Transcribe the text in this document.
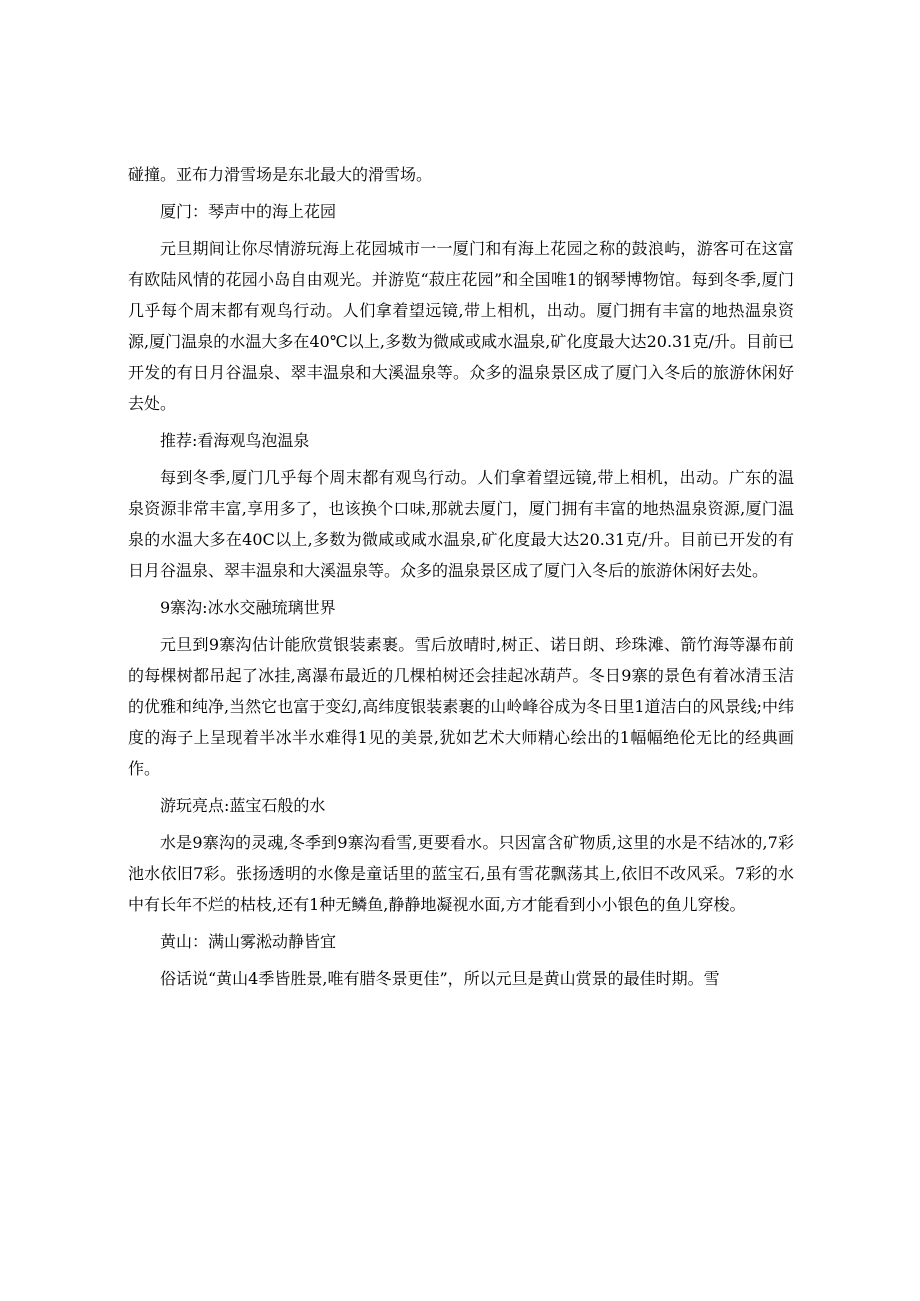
碰撞。亚布力滑雪场是东北最大的滑雪场。

厦门：琴声中的海上花园

元旦期间让你尽情游玩海上花园城市一一厦门和有海上花园之称的鼓浪屿，游客可在这富有欧陆风情的花园小岛自由观光。并游览“菽庄花园”和全国唯1的钢琴博物馆。每到冬季,厦门几乎每个周末都有观鸟行动。人们拿着望远镜,带上相机，出动。厦门拥有丰富的地热温泉资源,厦门温泉的水温大多在40℃以上,多数为微咸或咸水温泉,矿化度最大达20.31克/升。目前已开发的有日月谷温泉、翠丰温泉和大溪温泉等。众多的温泉景区成了厦门入冬后的旅游休闲好去处。

推荐:看海观鸟泡温泉

每到冬季,厦门几乎每个周末都有观鸟行动。人们拿着望远镜,带上相机，出动。广东的温泉资源非常丰富,享用多了，也该换个口味,那就去厦门，厦门拥有丰富的地热温泉资源,厦门温泉的水温大多在40C以上,多数为微咸或咸水温泉,矿化度最大达20.31克/升。目前已开发的有日月谷温泉、翠丰温泉和大溪温泉等。众多的温泉景区成了厦门入冬后的旅游休闲好去处。

9寨沟:冰水交融琉璃世界

元旦到9寨沟估计能欣赏银装素裹。雪后放晴时,树正、诺日朗、珍珠滩、箭竹海等瀑布前的每棵树都吊起了冰挂,离瀑布最近的几棵柏树还会挂起冰葫芦。冬日9寨的景色有着冰清玉洁的优雅和纯净,当然它也富于变幻,高纬度银装素裹的山岭峰谷成为冬日里1道洁白的风景线;中纬度的海子上呈现着半冰半水难得1见的美景,犹如艺术大师精心绘出的1幅幅绝伦无比的经典画作。

游玩亮点:蓝宝石般的水

水是9寨沟的灵魂,冬季到9寨沟看雪,更要看水。只因富含矿物质,这里的水是不结冰的,7彩池水依旧7彩。张扬透明的水像是童话里的蓝宝石,虽有雪花飘荡其上,依旧不改风采。7彩的水中有长年不烂的枯枝,还有1种无鳞鱼,静静地凝视水面,方才能看到小小银色的鱼儿穿梭。

黄山：满山雾淞动静皆宜

俗话说“黄山4季皆胜景,唯有腊冬景更佳”，所以元旦是黄山赏景的最佳时期。雪
